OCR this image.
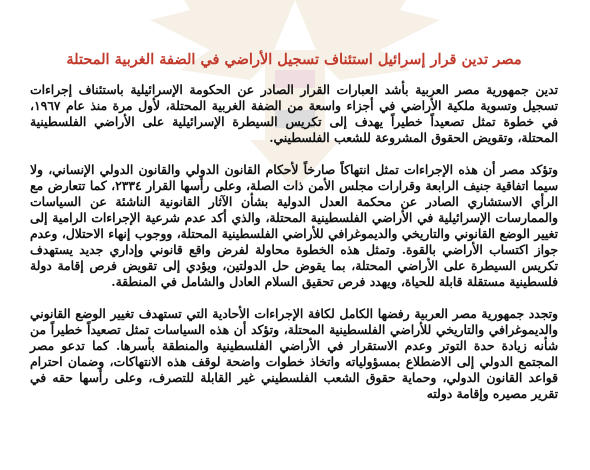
مصر تدين قرار إسرائيل استئناف تسجيل الأراضي في الضفة الغربية المحتلة

تدين جمهورية مصر العربية بأشد العبارات القرار الصادر عن الحكومة الإسرائيلية باستئناف إجراءات تسجيل وتسوية ملكية الأراضي في أجزاء واسعة من الضفة الغربية المحتلة، لأول مرة منذ عام ١٩٦٧، في خطوة تمثل تصعيداً خطيراً يهدف إلى تكريس السيطرة الإسرائيلية على الأراضي الفلسطينية المحتلة، وتقويض الحقوق المشروعة للشعب الفلسطيني.

وتؤكد مصر أن هذه الإجراءات تمثل انتهاكاً صارخاً لأحكام القانون الدولي والقانون الدولي الإنساني، ولا سيما اتفاقية جنيف الرابعة وقرارات مجلس الأمن ذات الصلة، وعلى رأسها القرار ٢٣٣٤، كما تتعارض مع الرأي الاستشاري الصادر عن محكمة العدل الدولية بشأن الآثار القانونية الناشئة عن السياسات والممارسات الإسرائيلية في الأراضي الفلسطينية المحتلة، والذي أكد عدم شرعية الإجراءات الرامية إلى تغيير الوضع القانوني والتاريخي والديموغرافي للأراضي الفلسطينية المحتلة، ووجوب إنهاء الاحتلال، وعدم جواز اكتساب الأراضي بالقوة. وتمثل هذه الخطوة محاولة لفرض واقع قانوني وإداري جديد يستهدف تكريس السيطرة على الأراضي المحتلة، بما يقوض حل الدولتين، ويؤدي إلى تقويض فرص إقامة دولة فلسطينية مستقلة قابلة للحياة، ويهدد فرص تحقيق السلام العادل والشامل في المنطقة.

وتجدد جمهورية مصر العربية رفضها الكامل لكافة الإجراءات الأحادية التي تستهدف تغيير الوضع القانوني والديموغرافي والتاريخي للأراضي الفلسطينية المحتلة، وتؤكد أن هذه السياسات تمثل تصعيداً خطيراً من شأنه زيادة حدة التوتر وعدم الاستقرار في الأراضي الفلسطينية والمنطقة بأسرها. كما تدعو مصر المجتمع الدولي إلى الاضطلاع بمسؤولياته واتخاذ خطوات واضحة لوقف هذه الانتهاكات، وضمان احترام قواعد القانون الدولي، وحماية حقوق الشعب الفلسطيني غير القابلة للتصرف، وعلى رأسها حقه في تقرير مصيره وإقامة دولته
